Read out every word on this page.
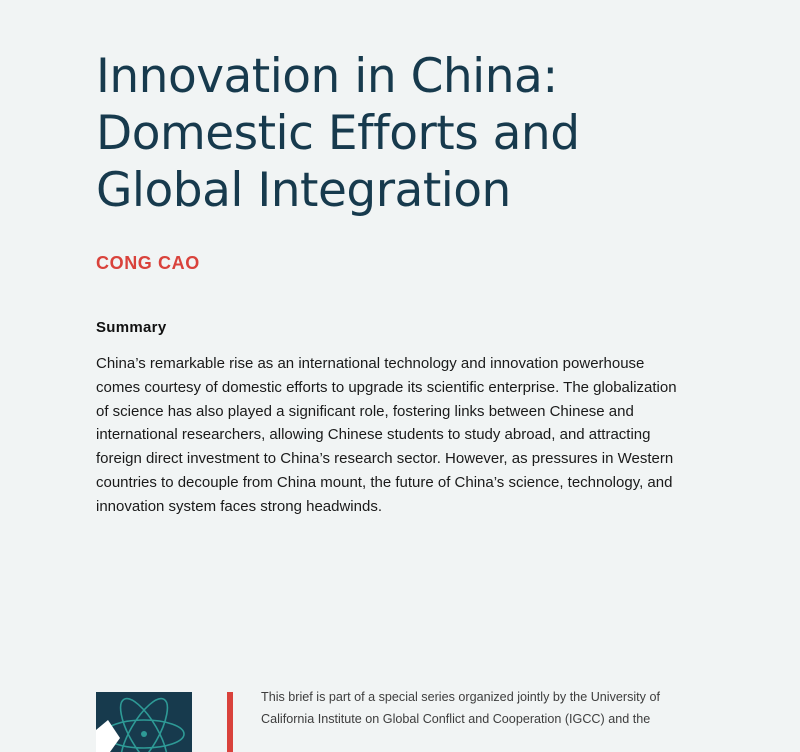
Innovation in China:
Domestic Efforts and
Global Integration

CONG CAO

Summary

China’s remarkable rise as an international technology and innovation powerhouse comes courtesy of domestic efforts to upgrade its scientific enterprise. The globalization of science has also played a significant role, fostering links between Chinese and international researchers, allowing Chinese students to study abroad, and attracting foreign direct investment to China’s research sector. However, as pressures in Western countries to decouple from China mount, the future of China’s science, technology, and innovation system faces strong headwinds.

This brief is part of a special series organized jointly by the University of California Institute on Global Conflict and Cooperation (IGCC) and the
